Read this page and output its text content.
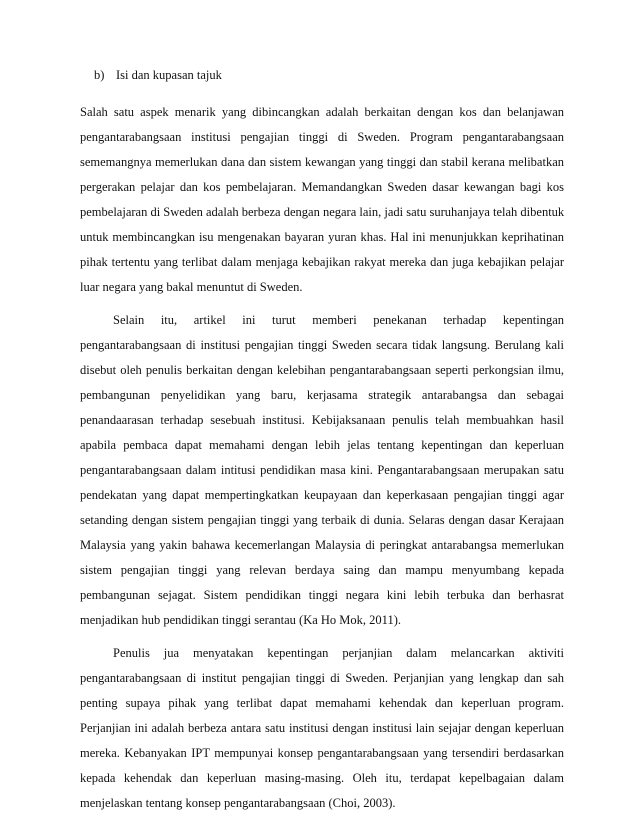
b) Isi dan kupasan tajuk
Salah satu aspek menarik yang dibincangkan adalah berkaitan dengan kos dan belanjawan
pengantarabangsaan institusi pengajian tinggi di Sweden. Program pengantarabangsaan
sememangnya memerlukan dana dan sistem kewangan yang tinggi dan stabil kerana melibatkan
pergerakan pelajar dan kos pembelajaran. Memandangkan Sweden dasar kewangan bagi kos
pembelajaran di Sweden adalah berbeza dengan negara lain, jadi satu suruhanjaya telah dibentuk
untuk membincangkan isu mengenakan bayaran yuran khas. Hal ini menunjukkan keprihatinan
pihak tertentu yang terlibat dalam menjaga kebajikan rakyat mereka dan juga kebajikan pelajar
luar negara yang bakal menuntut di Sweden.
Selain itu, artikel ini turut memberi penekanan terhadap kepentingan
pengantarabangsaan di institusi pengajian tinggi Sweden secara tidak langsung. Berulang kali
disebut oleh penulis berkaitan dengan kelebihan pengantarabangsaan seperti perkongsian ilmu,
pembangunan penyelidikan yang baru, kerjasama strategik antarabangsa dan sebagai
penandaarasan terhadap sesebuah institusi. Kebijaksanaan penulis telah membuahkan hasil
apabila pembaca dapat memahami dengan lebih jelas tentang kepentingan dan keperluan
pengantarabangsaan dalam intitusi pendidikan masa kini. Pengantarabangsaan merupakan satu
pendekatan yang dapat mempertingkatkan keupayaan dan keperkasaan pengajian tinggi agar
setanding dengan sistem pengajian tinggi yang terbaik di dunia. Selaras dengan dasar Kerajaan
Malaysia yang yakin bahawa kecemerlangan Malaysia di peringkat antarabangsa memerlukan
sistem pengajian tinggi yang relevan berdaya saing dan mampu menyumbang kepada
pembangunan sejagat. Sistem pendidikan tinggi negara kini lebih terbuka dan berhasrat
menjadikan hub pendidikan tinggi serantau (Ka Ho Mok, 2011).
Penulis jua menyatakan kepentingan perjanjian dalam melancarkan aktiviti
pengantarabangsaan di institut pengajian tinggi di Sweden. Perjanjian yang lengkap dan sah
penting supaya pihak yang terlibat dapat memahami kehendak dan keperluan program.
Perjanjian ini adalah berbeza antara satu institusi dengan institusi lain sejajar dengan keperluan
mereka. Kebanyakan IPT mempunyai konsep pengantarabangsaan yang tersendiri berdasarkan
kepada kehendak dan keperluan masing-masing. Oleh itu, terdapat kepelbagaian dalam
menjelaskan tentang konsep pengantarabangsaan (Choi, 2003).
